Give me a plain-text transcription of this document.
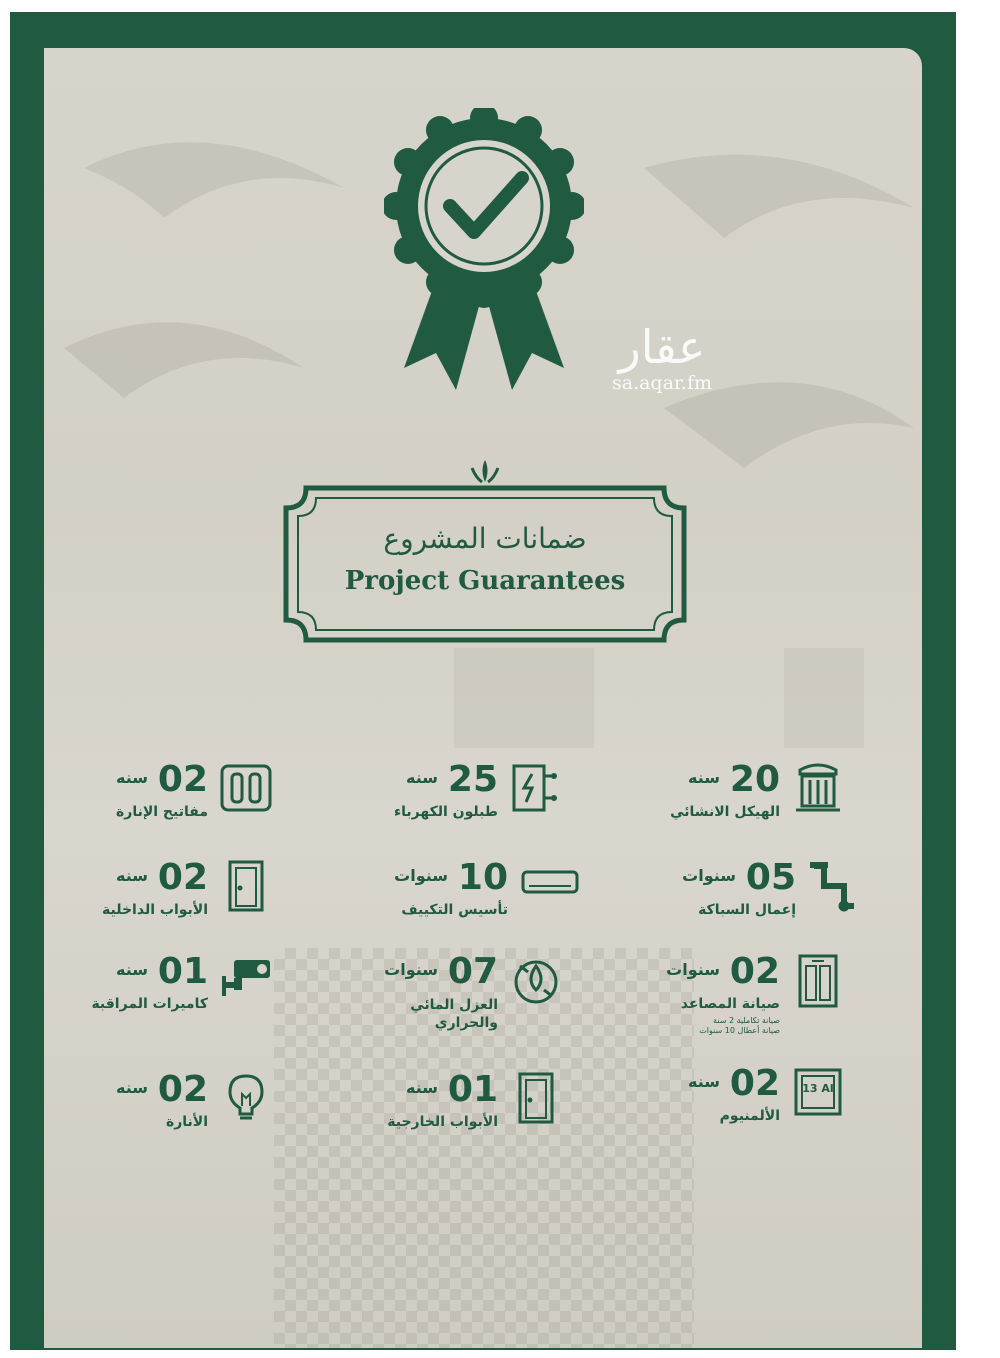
عقار
sa.aqar.fm
ضمانات المشروع
Project Guarantees
20
سنه
الهيكل الانشائي
25
سنه
طبلون الكهرباء
02
سنه
مفاتيح الإنارة
05
سنوات
إعمال السباكة
10
سنوات
تأسيس التكييف
02
سنه
الأبواب الداخلية
02
سنوات
صيانة المصاعد
صيانة تكاملية 2 سنة
صيانة أعطال 10 سنوات
07
سنوات
العزل المائي والحراري
01
سنه
كاميرات المراقبة
13 Al
02
سنه
الألمنيوم
01
سنه
الأبواب الخارجية
02
سنه
الأنارة
